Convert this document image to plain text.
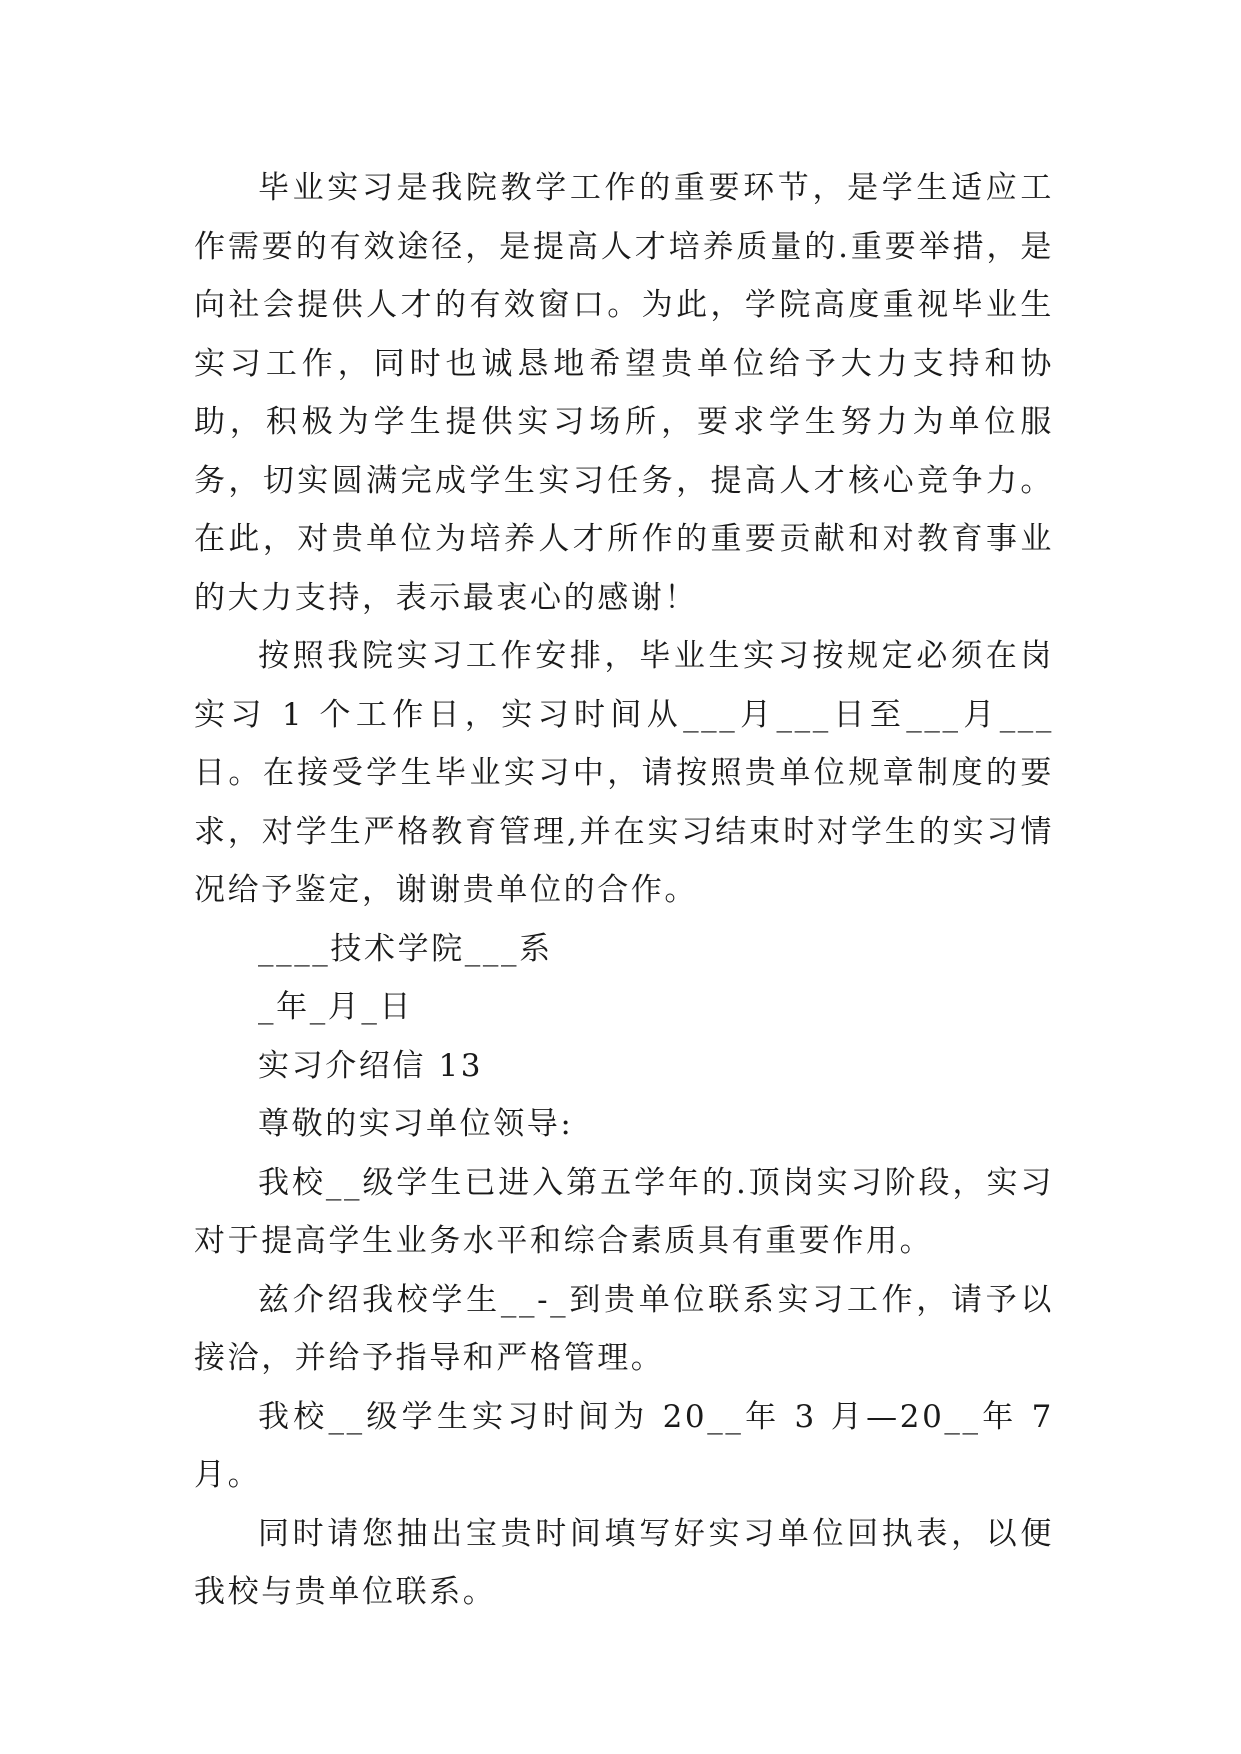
毕业实习是我院教学工作的重要环节，是学生适应工作需要的有效途径，是提高人才培养质量的.重要举措，是向社会提供人才的有效窗口。为此，学院高度重视毕业生实习工作，同时也诚恳地希望贵单位给予大力支持和协助，积极为学生提供实习场所，要求学生努力为单位服务，切实圆满完成学生实习任务，提高人才核心竞争力。在此，对贵单位为培养人才所作的重要贡献和对教育事业的大力支持，表示最衷心的感谢！

按照我院实习工作安排，毕业生实习按规定必须在岗实习 1 个工作日，实习时间从___月___日至___月___日。在接受学生毕业实习中，请按照贵单位规章制度的要求，对学生严格教育管理,并在实习结束时对学生的实习情况给予鉴定，谢谢贵单位的合作。

____技术学院___系

_年_月_日

实习介绍信 13

尊敬的实习单位领导:

我校__级学生已进入第五学年的.顶岗实习阶段，实习对于提高学生业务水平和综合素质具有重要作用。

兹介绍我校学生__-_到贵单位联系实习工作，请予以接洽，并给予指导和严格管理。

我校__级学生实习时间为 20__年 3 月—20__年 7 月。

同时请您抽出宝贵时间填写好实习单位回执表，以便我校与贵单位联系。
